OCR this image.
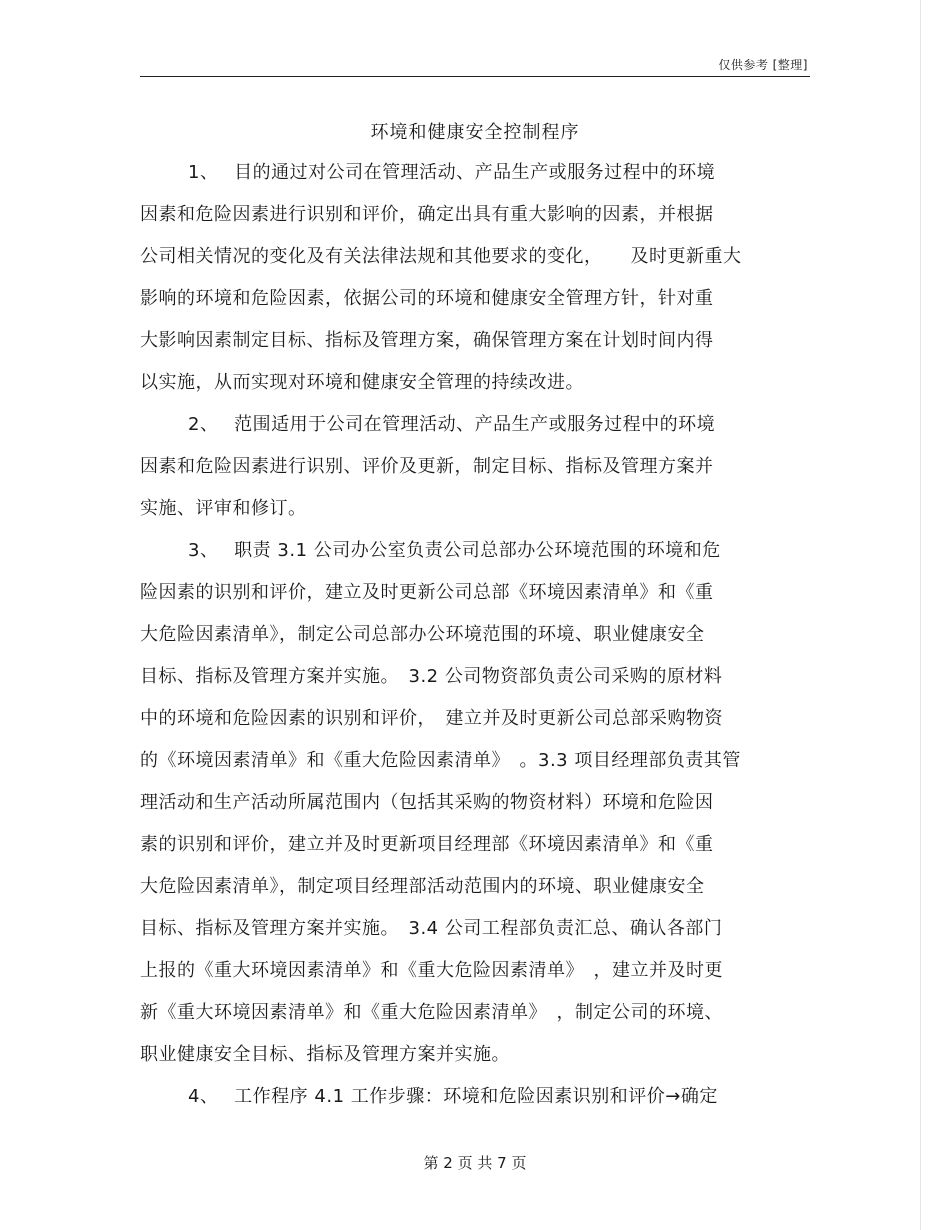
仅供参考 [整理]
环境和健康安全控制程序
1、　 目的通过对公司在管理活动、产品生产或服务过程中的环境
因素和危险因素进行识别和评价，确定出具有重大影响的因素，并根据
公司相关情况的变化及有关法律法规和其他要求的变化，　　及时更新重大
影响的环境和危险因素，依据公司的环境和健康安全管理方针，针对重
大影响因素制定目标、指标及管理方案，确保管理方案在计划时间内得
以实施，从而实现对环境和健康安全管理的持续改进。
2、　 范围适用于公司在管理活动、产品生产或服务过程中的环境
因素和危险因素进行识别、评价及更新，制定目标、指标及管理方案并
实施、评审和修订。
3、　 职责 3.1 公司办公室负责公司总部办公环境范围的环境和危
险因素的识别和评价，建立及时更新公司总部《环境因素清单》和《重
大危险因素清单》，制定公司总部办公环境范围的环境、职业健康安全
目标、指标及管理方案并实施。　3.2 公司物资部负责公司采购的原材料
中的环境和危险因素的识别和评价，　建立并及时更新公司总部采购物资
的《环境因素清单》和《重大危险因素清单》　。3.3 项目经理部负责其管
理活动和生产活动所属范围内（包括其采购的物资材料）环境和危险因
素的识别和评价，建立并及时更新项目经理部《环境因素清单》和《重
大危险因素清单》，制定项目经理部活动范围内的环境、职业健康安全
目标、指标及管理方案并实施。　3.4 公司工程部负责汇总、确认各部门
上报的《重大环境因素清单》和《重大危险因素清单》　，建立并及时更
新《重大环境因素清单》和《重大危险因素清单》　，制定公司的环境、
职业健康安全目标、指标及管理方案并实施。
4、　 工作程序 4.1 工作步骤：环境和危险因素识别和评价→确定
第 2 页 共 7 页
